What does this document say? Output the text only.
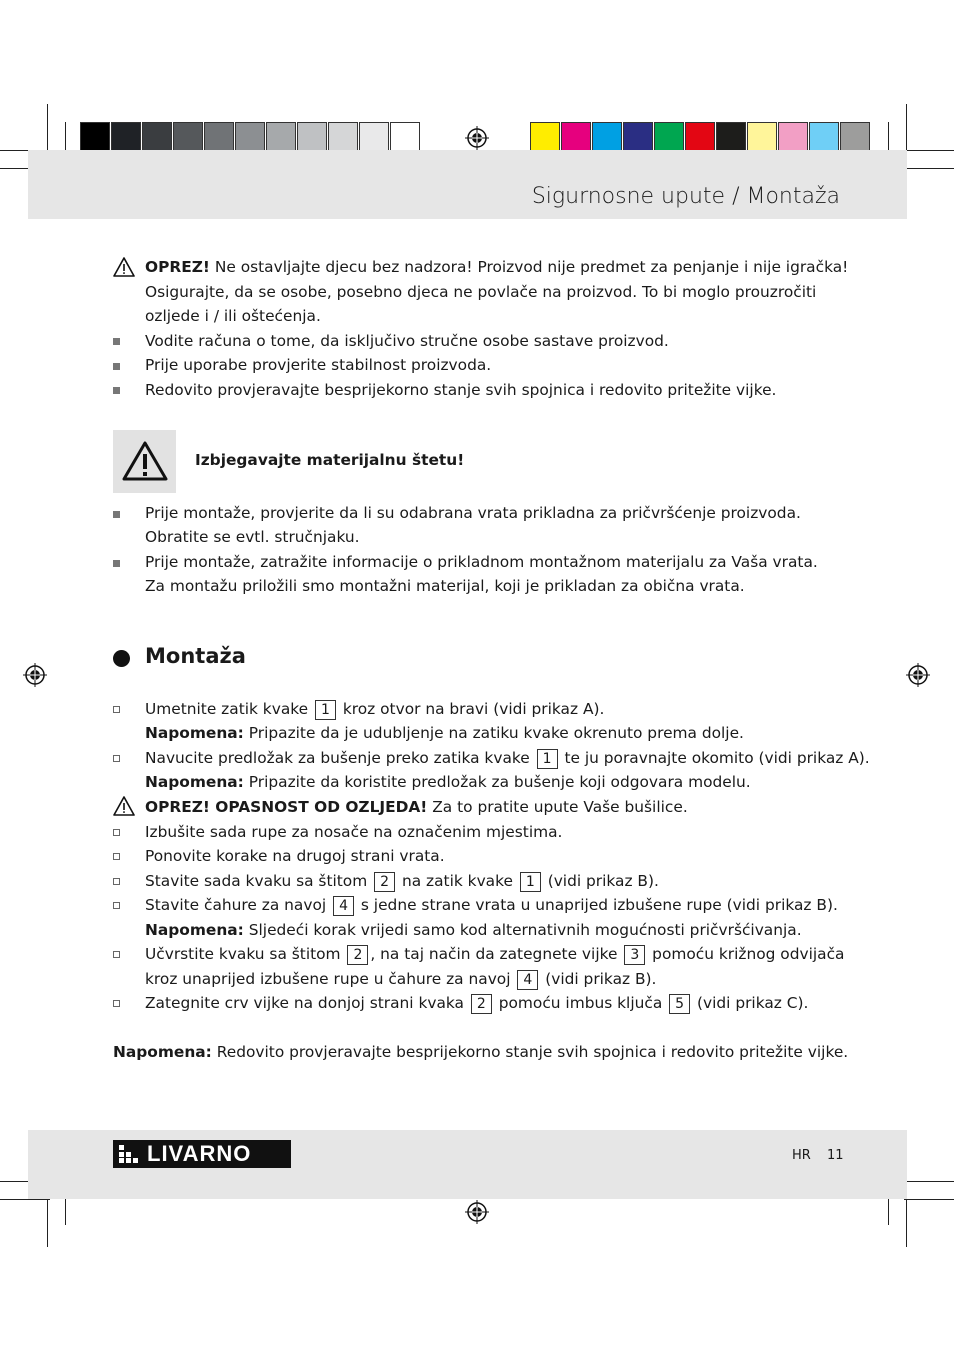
Sigurnosne upute / Montaža
OPREZ! Ne ostavljajte djecu bez nadzora! Proizvod nije predmet za penjanje i nije igračka!
Osigurajte, da se osobe, posebno djeca ne povlače na proizvod. To bi moglo prouzročiti
ozljede i / ili oštećenja.
Vodite računa o tome, da isključivo stručne osobe sastave proizvod.
Prije uporabe provjerite stabilnost proizvoda.
Redovito provjeravajte besprijekorno stanje svih spojnica i redovito pritežite vijke.
Izbjegavajte materijalnu štetu!
Prije montaže, provjerite da li su odabrana vrata prikladna za pričvršćenje proizvoda.
Obratite se evtl. stručnjaku.
Prije montaže, zatražite informacije o prikladnom montažnom materijalu za Vaša vrata.
Za montažu priložili smo montažni materijal, koji je prikladan za obična vrata.
Montaža
Umetnite zatik kvake 1 kroz otvor na bravi (vidi prikaz A).
Napomena: Pripazite da je udubljenje na zatiku kvake okrenuto prema dolje.
Navucite predložak za bušenje preko zatika kvake 1 te ju poravnajte okomito (vidi prikaz A).
Napomena: Pripazite da koristite predložak za bušenje koji odgovara modelu.
OPREZ! OPASNOST OD OZLJEDA! Za to pratite upute Vaše bušilice.
Izbušite sada rupe za nosače na označenim mjestima.
Ponovite korake na drugoj strani vrata.
Stavite sada kvaku sa štitom 2 na zatik kvake 1 (vidi prikaz B).
Stavite čahure za navoj 4 s jedne strane vrata u unaprijed izbušene rupe (vidi prikaz B).
Napomena: Sljedeći korak vrijedi samo kod alternativnih mogućnosti pričvršćivanja.
Učvrstite kvaku sa štitom 2 , na taj način da zategnete vijke 3 pomoću križnog odvijača
kroz unaprijed izbušene rupe u čahure za navoj 4 (vidi prikaz B).
Zategnite crv vijke na donjoj strani kvaka 2 pomoću imbus ključa 5 (vidi prikaz C).
Napomena: Redovito provjeravajte besprijekorno stanje svih spojnica i redovito pritežite vijke.
LIVARNO	HR 11
